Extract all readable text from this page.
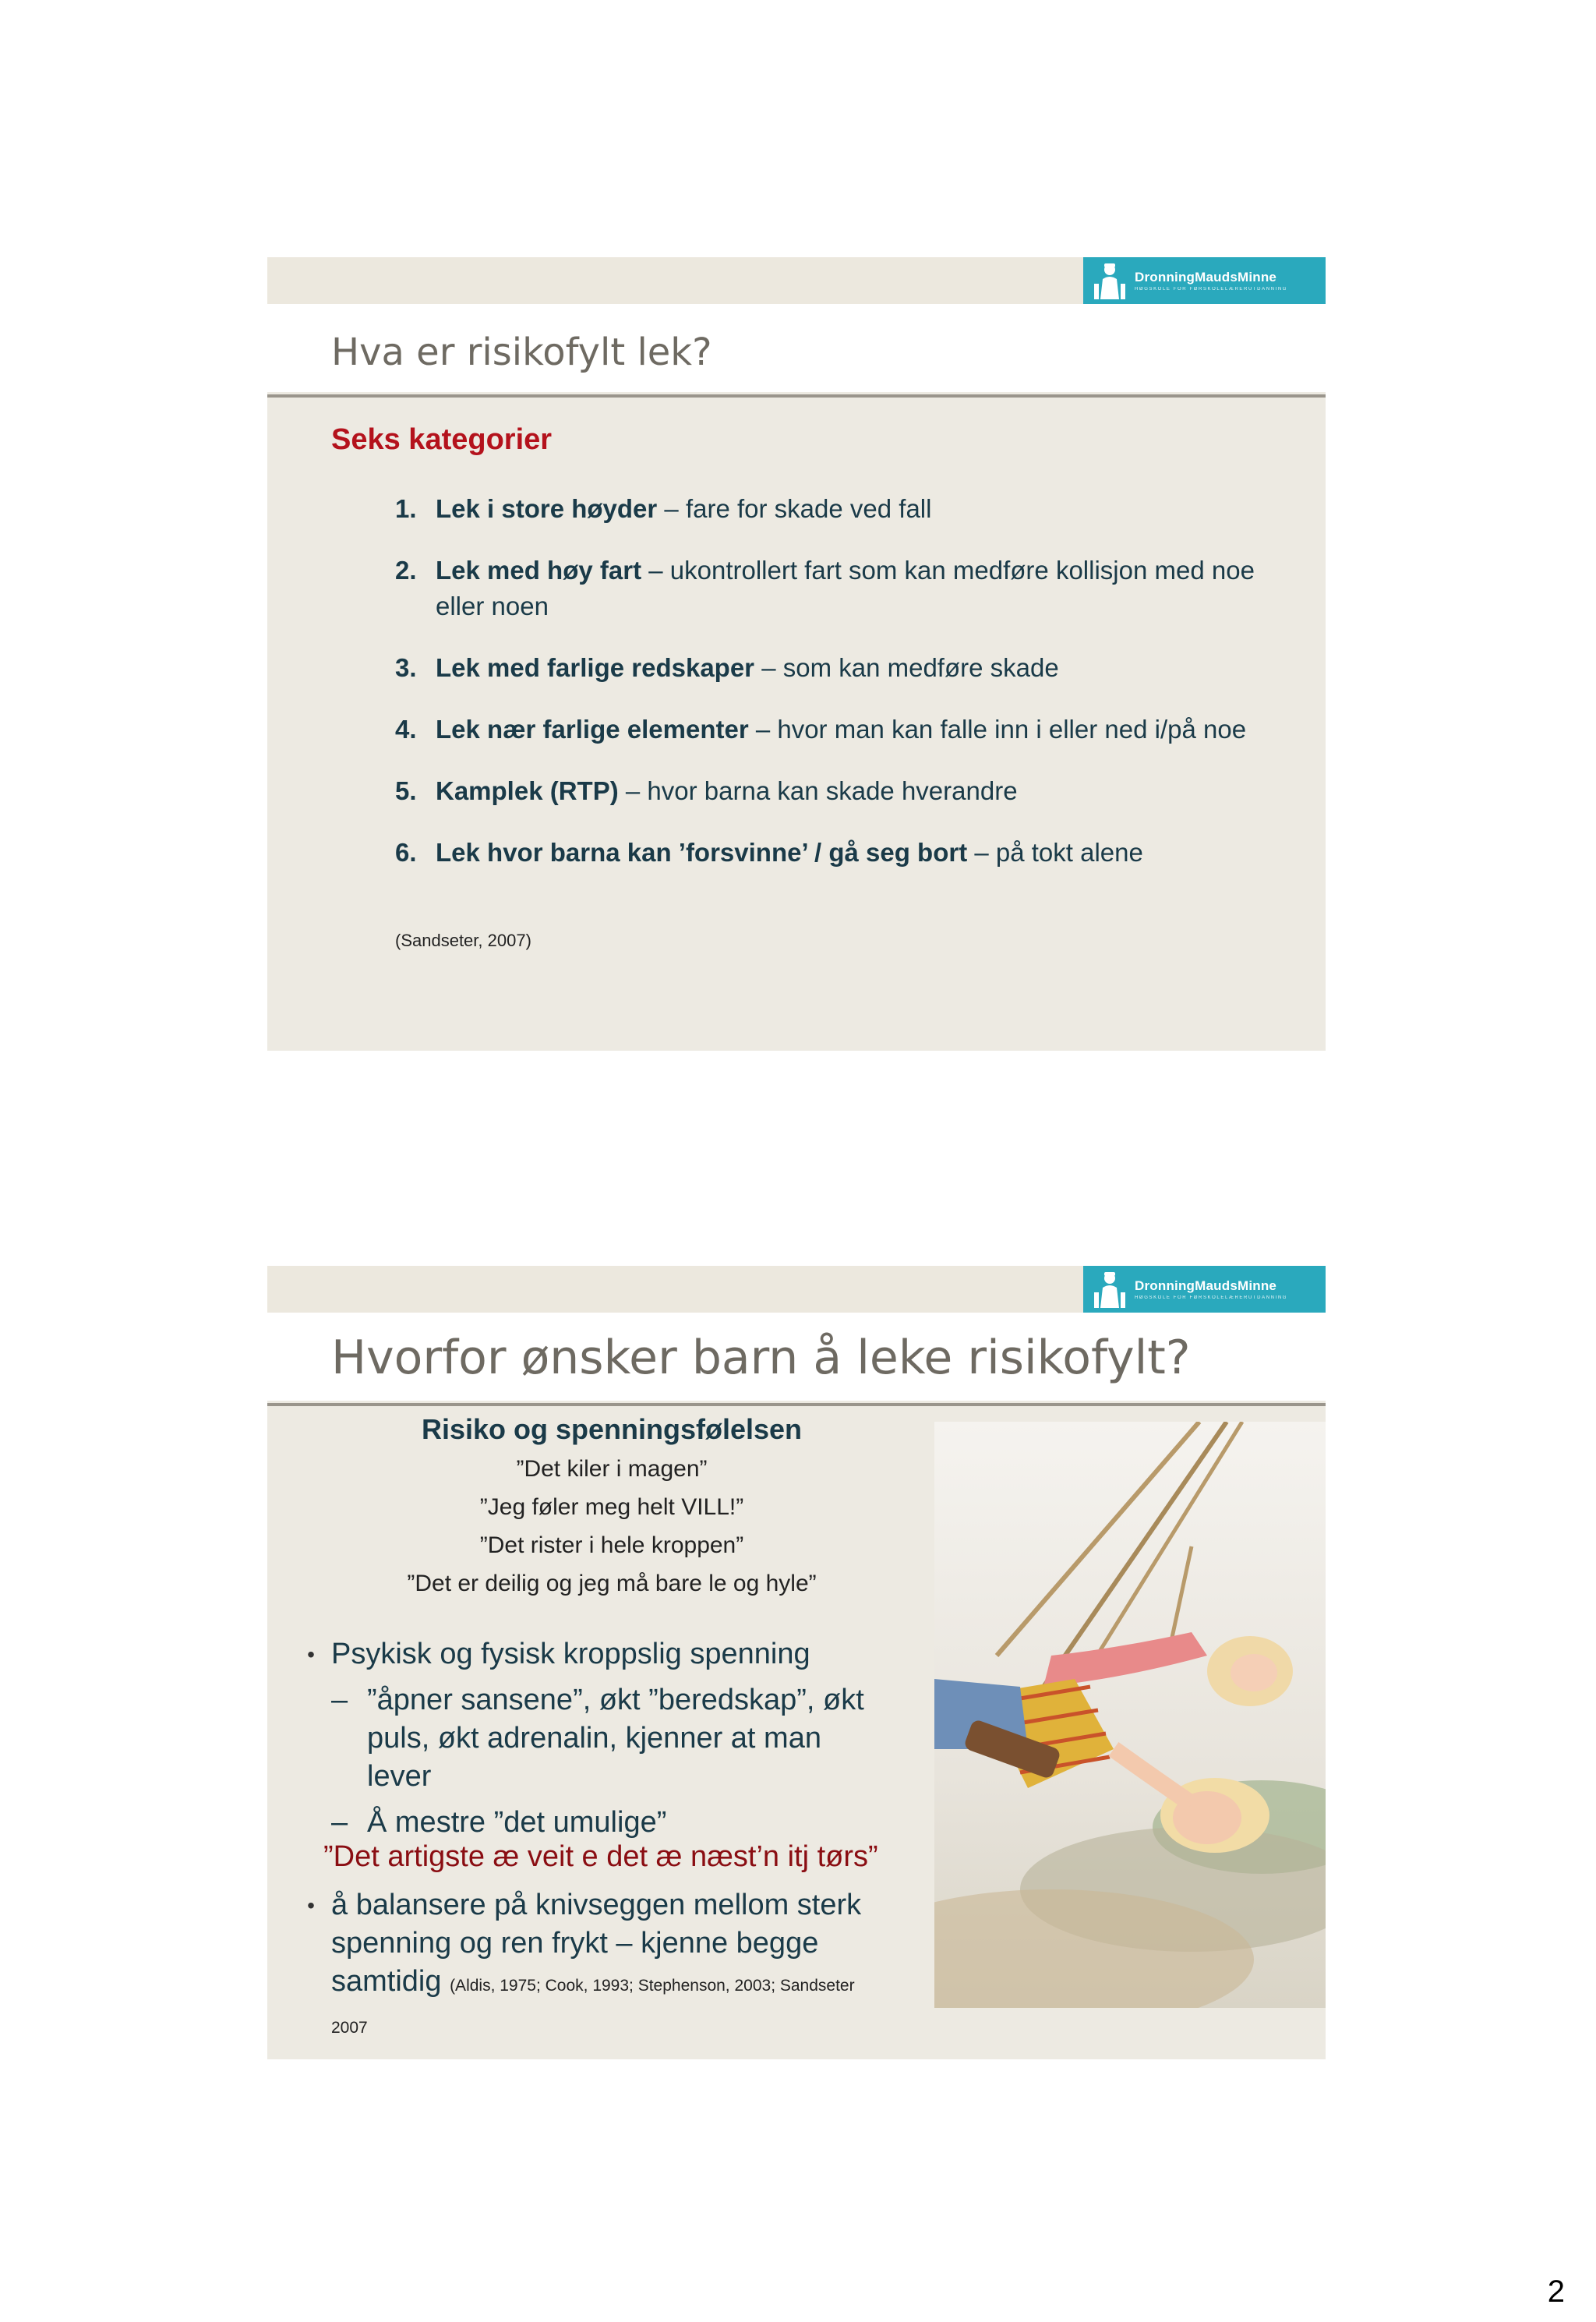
DronningMaudsMinne
HØGSKOLE FOR FØRSKOLELÆRERUTDANNING
Hva er risikofylt lek?
Seks kategorier
1. Lek i store høyder – fare for skade ved fall
2. Lek med høy fart – ukontrollert fart som kan medføre kollisjon med noe eller noen
3. Lek med farlige redskaper – som kan medføre skade
4. Lek nær farlige elementer – hvor man kan falle inn i eller ned i/på noe
5. Kamplek (RTP) – hvor barna kan skade hverandre
6. Lek hvor barna kan ’forsvinne’ / gå seg bort – på tokt alene
(Sandseter, 2007)
DronningMaudsMinne
HØGSKOLE FOR FØRSKOLELÆRERUTDANNING
Hvorfor ønsker barn å leke risikofylt?
Risiko og spenningsfølelsen
”Det kiler i magen”
”Jeg føler meg helt VILL!”
”Det rister i hele kroppen”
”Det er deilig og jeg må bare le og hyle”
• Psykisk og fysisk kroppslig spenning
– ”åpner sansene”, økt ”beredskap”, økt puls, økt adrenalin, kjenner at man lever
– Å mestre ”det umulige”
”Det artigste æ veit e det æ næst’n itj tørs”
• å balansere på knivseggen mellom sterk spenning og ren frykt – kjenne begge samtidig (Aldis, 1975; Cook, 1993; Stephenson, 2003; Sandseter 2007
2
